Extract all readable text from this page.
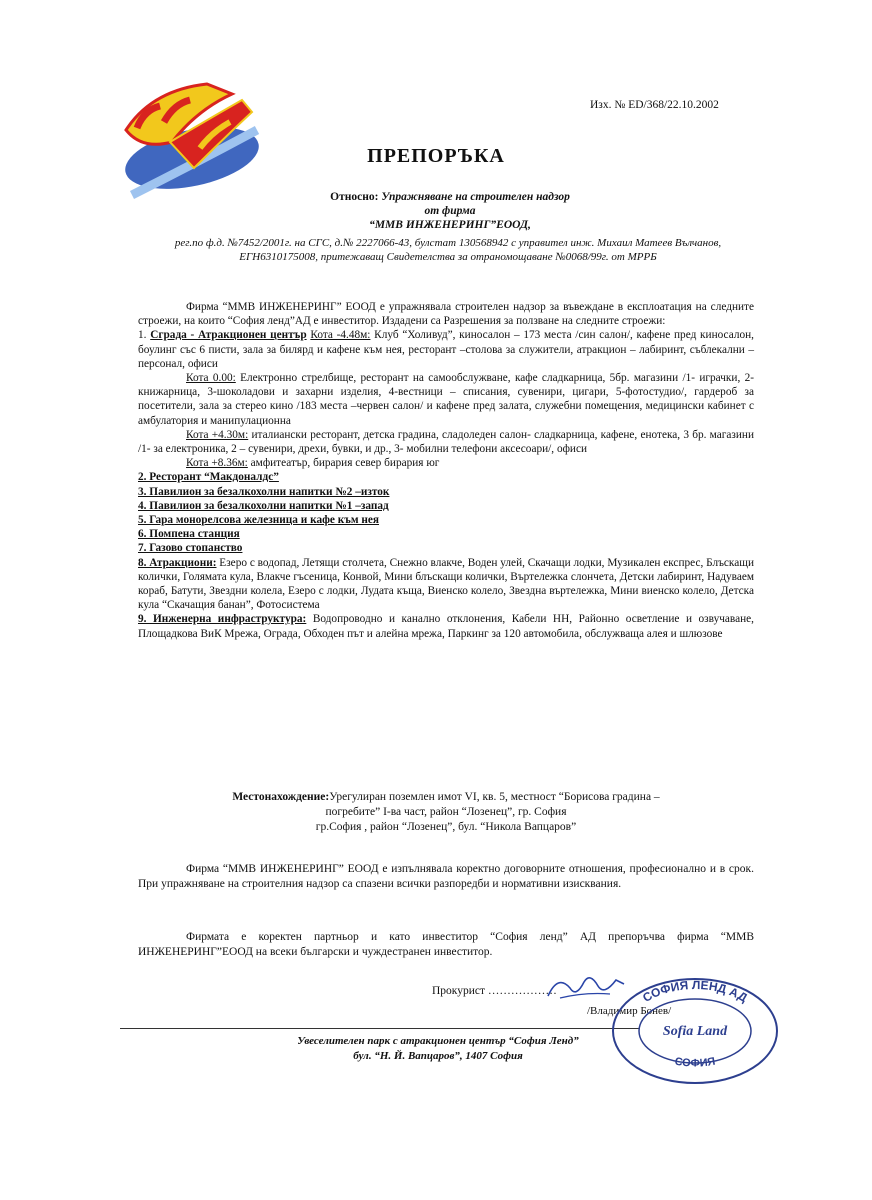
Sofia Land
Изх. № ED/368/22.10.2002
ПРЕПОРЪКА
Относно: Упражняване на строителен надзор
от фирма
“ММВ ИНЖЕНЕРИНГ”ЕООД,
рег.по ф.д. №7452/2001г. на СГС, д.№ 2227066-43, булстат 130568942 с управител инж. Михаил Матеев Вълчанов, ЕГН6310175008, притежаващ Свидетелства за отраномощаване №0068/99г. от МРРБ

Фирма “ММВ ИНЖЕНЕРИНГ” ЕООД е упражнявала строителен надзор за въвеждане в експлоатация на следните строежи, на които “София ленд”АД е инвеститор. Издадени са Разрешения за ползване на следните строежи:

1. Сграда - Атракционен център Кота -4.48м: Клуб “Холивуд”, киносалон – 173 места /син салон/, кафене пред киносалон, боулинг със 6 писти, зала за билярд и кафене към нея, ресторант –столова за служители, атракцион – лабиринт, съблекални – персонал, офиси

Кота 0.00: Електронно стрелбище, ресторант на самообслужване, кафе сладкарница, 5бр. магазини /1- играчки, 2-книжарница, 3-шоколадови и захарни изделия, 4-вестници – списания, сувенири, цигари, 5-фотостудио/, гардероб за посетители, зала за стерео кино /183 места –червен салон/ и кафене пред залата, служебни помещения, медицински кабинет с амбулатория и манипулационна

Кота +4.30м: италиански ресторант, детска градина, сладоледен салон- сладкарница, кафене, енотека, 3 бр. магазини /1- за електроника, 2 – сувенири, дрехи, бувки, и др., 3- мобилни телефони аксесоари/, офиси

Кота +8.36м: амфитеатър, бирария север бирария юг

2. Ресторант “Макдоналдс”

3. Павилион за безалкохолни напитки №2 –изток

4. Павилион за безалкохолни напитки №1 –запад

5. Гара монорелсова железница и кафе към нея

6. Помпена станция

7. Газово стопанство

8. Атракциони: Езеро с водопад, Летящи столчета, Снежно влакче, Воден улей, Скачащи лодки, Музикален експрес, Блъскащи колички, Голямата кула, Влакче гъсеница, Конвой, Мини блъскащи колички, Въртележка слончета, Детски лабиринт, Надуваем кораб, Батути, Звездни колела, Езеро с лодки, Лудата къща, Виенско колело, Звездна въртележка, Мини виенско колело, Детска кула “Скачащия банан”, Фотосистема

9. Инженерна инфраструктура: Водопроводно и канално отклонения, Кабели НН, Районно осветление и озвучаване, Площадкова ВиК Мрежа, Ограда, Обходен път и алейна мрежа, Паркинг за 120 автомобила, обслужваща алея и шлюзове

Местонахождение:Урегулиран поземлен имот VI, кв. 5, местност “Борисова градина –
погребите” I-ва част, район “Лозенец”, гр. София
гр.София , район “Лозенец”, бул. “Никола Вапцаров”
Фирма “ММВ ИНЖЕНЕРИНГ” ЕООД е изпълнявала коректно договорните отношения, професионално и в срок. При упражняване на строителния надзор са спазени всички разпоредби и нормативни изисквания.
Фирмата е коректен партньор и като инвеститор “София ленд” АД препоръчва фирма “ММВ ИНЖЕНЕРИНГ”ЕООД на всеки български и чуждестранен инвеститор.
Прокурист ………………
/Владимир Бонев/
Увеселителен парк с атракционен център “София Ленд”
бул. “Н. Й. Вапцаров”, 1407 София
СОФИЯ ЛЕНД АД
СОФИЯ
Sofia Land
